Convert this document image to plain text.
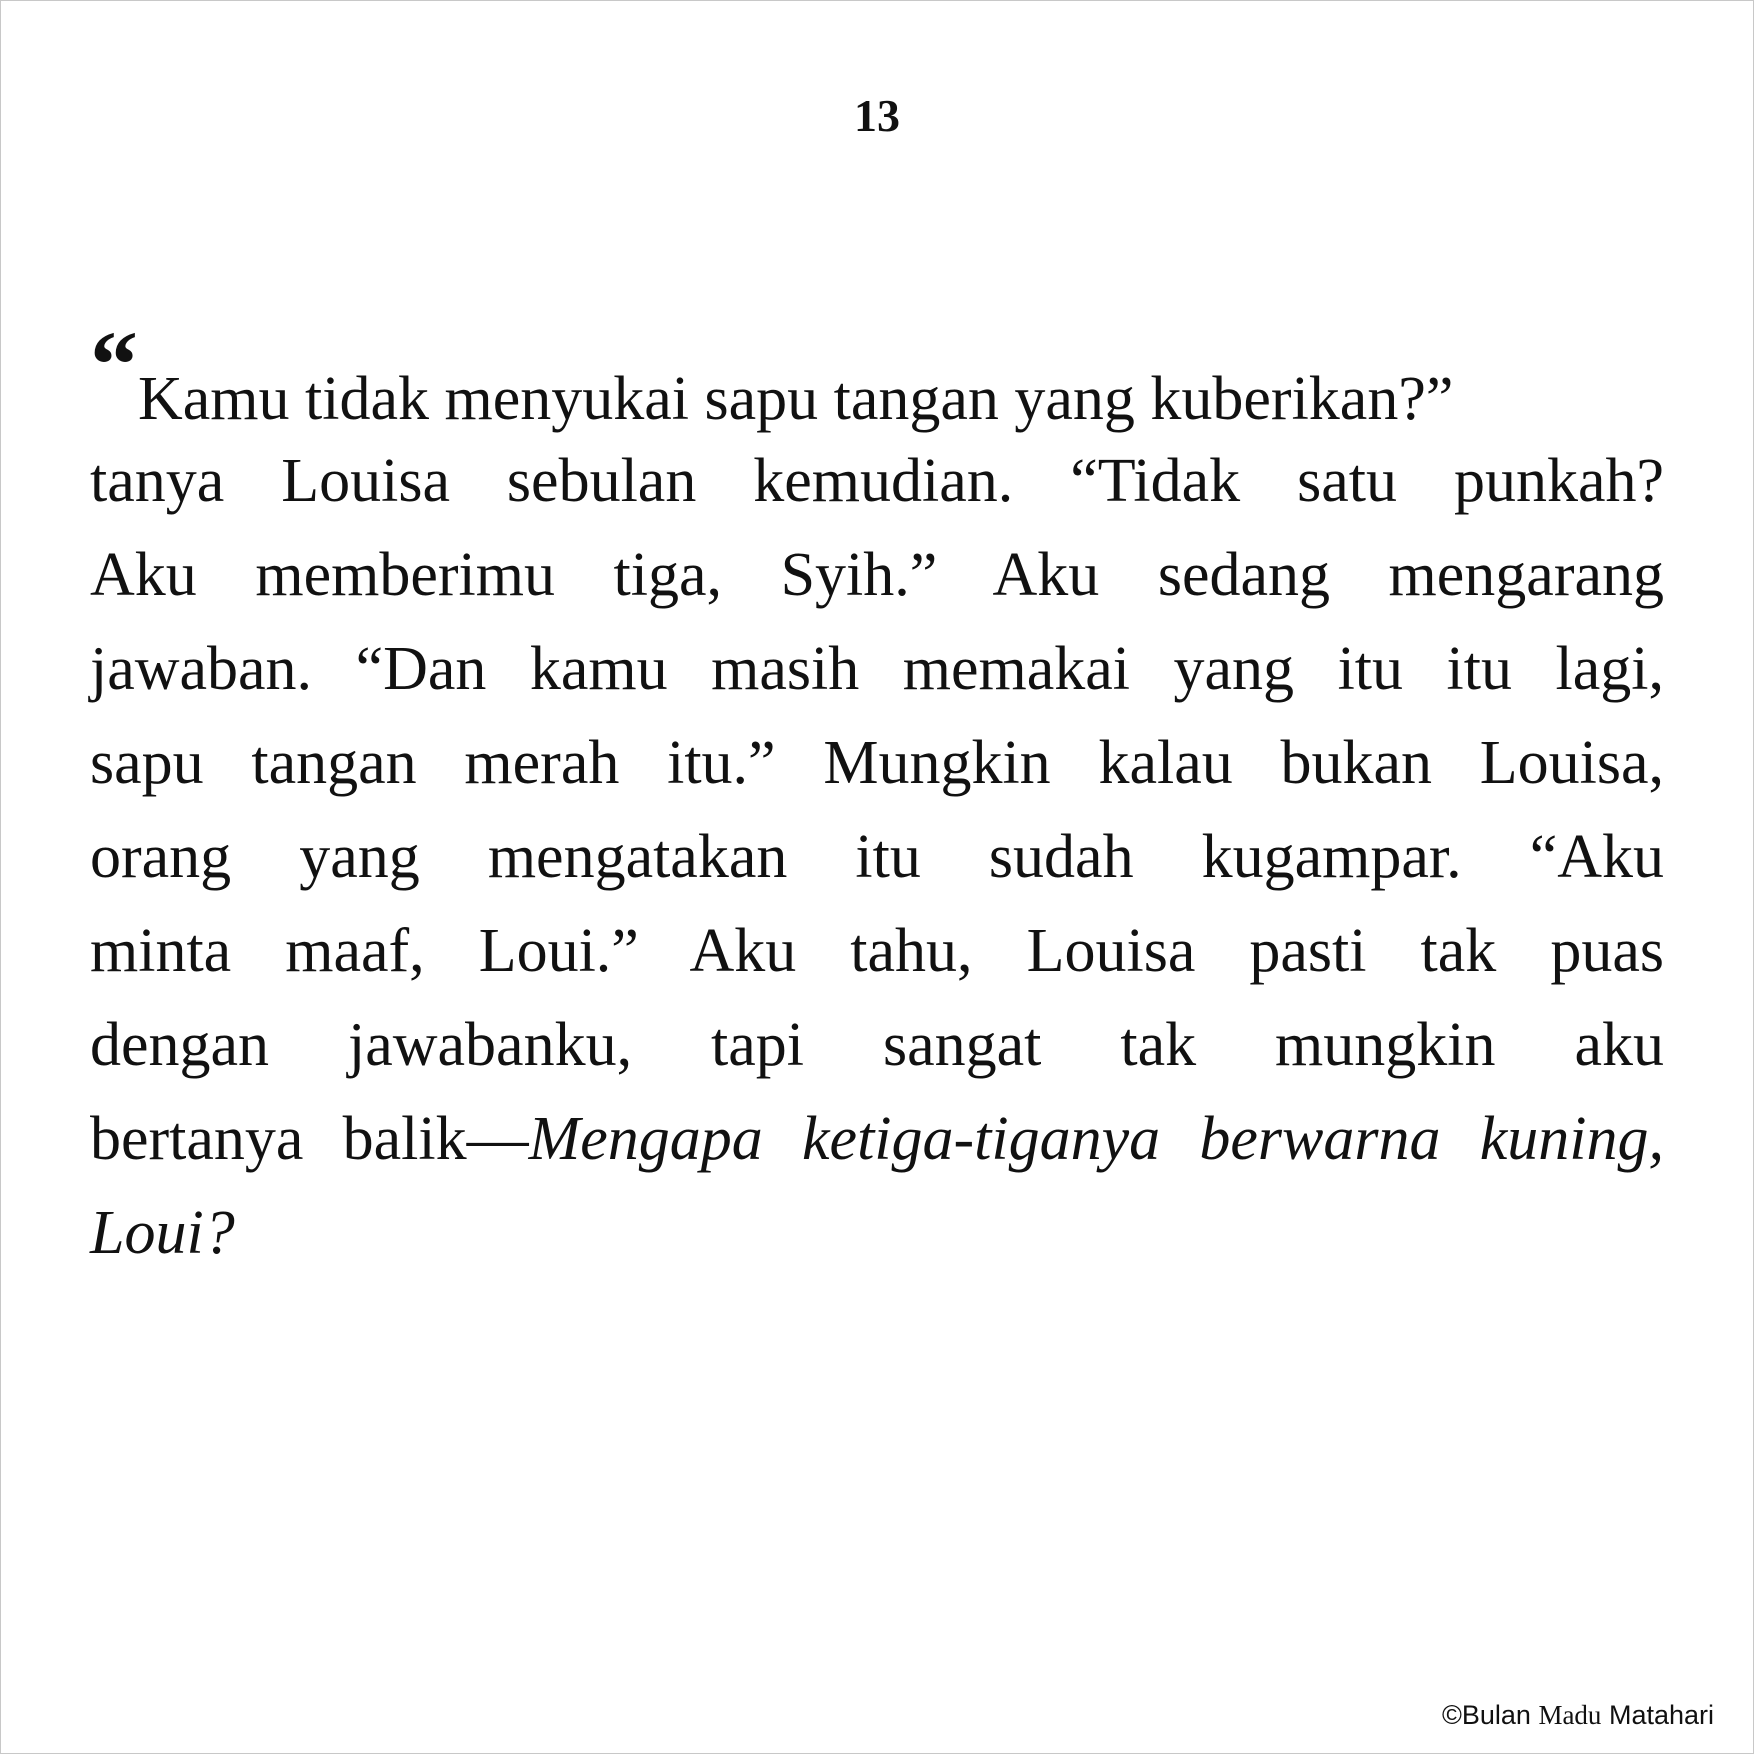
13
“Kamu tidak menyukai sapu tangan yang kuberikan?”
tanya Louisa sebulan kemudian. “Tidak satu punkah?
Aku memberimu tiga, Syih.” Aku sedang mengarang
jawaban. “Dan kamu masih memakai yang itu itu lagi,
sapu tangan merah itu.” Mungkin kalau bukan Louisa,
orang yang mengatakan itu sudah kugampar. “Aku
minta maaf, Loui.” Aku tahu, Louisa pasti tak puas
dengan jawabanku, tapi sangat tak mungkin aku
bertanya balik—Mengapa ketiga-tiganya berwarna kuning,
Loui?
©Bulan Madu Matahari
